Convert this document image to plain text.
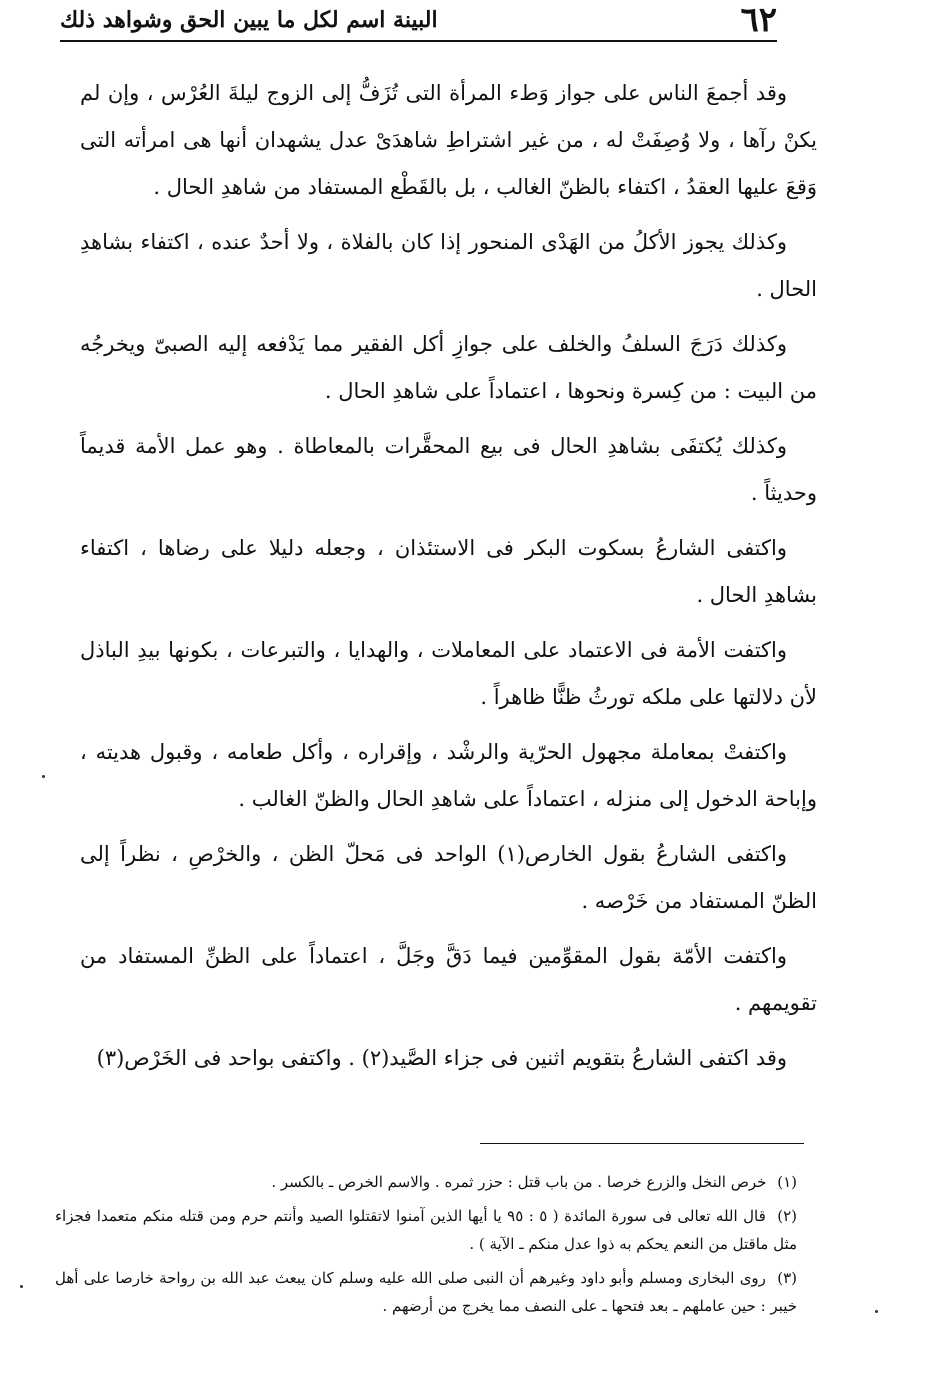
٦٢
البينة اسم لكل ما يبين الحق وشواهد ذلك

وقد أجمعَ الناس على جواز وَطء المرأة التى تُزَفُّ إلى الزوج ليلةَ العُرْس ، وإن لم يكنْ رآها ، ولا وُصِفَتْ له ، من غير اشتراطِ شاهدَىْ عدل يشهدان أنها هى امرأته التى وَقعَ عليها العقدُ ، اكتفاء بالظنّ الغالب ، بل بالقَطْع المستفاد من شاهدِ الحال .

وكذلك يجوز الأكلُ من الهَدْى المنحور إذا كان بالفلاة ، ولا أحدٌ عنده ، اكتفاء بشاهدِ الحال .

وكذلك دَرَجَ السلفُ والخلف على جوازِ أكل الفقير مما يَدْفعه إليه الصبىّ ويخرجُه من البيت : من كِسرة ونحوها ، اعتماداً على شاهدِ الحال .

وكذلك يُكتفَى بشاهدِ الحال فى بيع المحقَّرات بالمعاطاة . وهو عمل الأمة قديماً وحديثاً .

واكتفى الشارعُ بسكوت البكر فى الاستئذان ، وجعله دليلا على رضاها ، اكتفاء بشاهدِ الحال .

واكتفت الأمة فى الاعتماد على المعاملات ، والهدايا ، والتبرعات ، بكونها بيدِ الباذل لأن دلالتها على ملكه تورثُ ظنًّا ظاهراً .

واكتفتْ بمعاملة مجهول الحرّية والرشْد ، وإقراره ، وأكل طعامه ، وقبول هديته ، وإباحة الدخول إلى منزله ، اعتماداً على شاهدِ الحال والظنّ الغالب .

واكتفى الشارعُ بقول الخارص(١) الواحد فى مَحلّ الظن ، والخرْصِ ، نظراً إلى الظنّ المستفاد من خَرْصه .

واكتفت الأمّة بقول المقوِّمين فيما دَقَّ وجَلَّ ، اعتماداً على الظنِّ المستفاد من تقويمهم .

وقد اكتفى الشارعُ بتقويم اثنين فى جزاء الصَّيد(٢) . واكتفى بواحد فى الخَرْص(٣)

(١) خرص النخل والزرع خرصا . من باب قتل : حزر ثمره . والاسم الخرص ـ بالكسر .

(٢) قال الله تعالى فى سورة المائدة ( ٥ : ٩٥ يا أيها الذين آمنوا لاتقتلوا الصيد وأنتم حرم ومن قتله منكم متعمدا فجزاء مثل ماقتل من النعم يحكم به ذوا عدل منكم ـ الآية ) .

(٣) روى البخارى ومسلم وأبو داود وغيرهم أن النبى صلى الله عليه وسلم كان يبعث عبد الله بن رواحة خارصا على أهل خيبر : حين عاملهم ـ بعد فتحها ـ على النصف مما يخرج من أرضهم .
